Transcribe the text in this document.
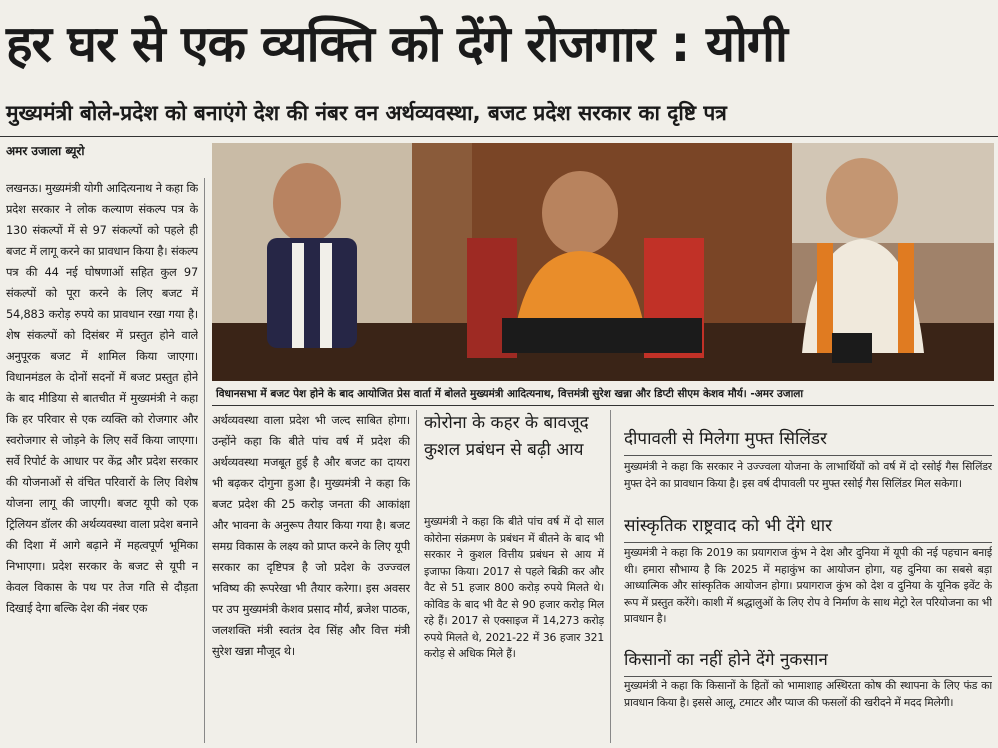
हर घर से एक व्यक्ति को देंगे रोजगार : योगी
मुख्यमंत्री बोले-प्रदेश को बनाएंगे देश की नंबर वन अर्थव्यवस्था, बजट प्रदेश सरकार का दृष्टि पत्र
अमर उजाला ब्यूरो
लखनऊ। मुख्यमंत्री योगी आदित्यनाथ ने कहा कि प्रदेश सरकार ने लोक कल्याण संकल्प पत्र के 130 संकल्पों में से 97 संकल्पों को पहले ही बजट में लागू करने का प्रावधान किया है। संकल्प पत्र की 44 नई घोषणाओं सहित कुल 97 संकल्पों को पूरा करने के लिए बजट में 54,883 करोड़ रुपये का प्रावधान रखा गया है। शेष संकल्पों को दिसंबर में प्रस्तुत होने वाले अनुपूरक बजट में शामिल किया जाएगा। विधानमंडल के दोनों सदनों में बजट प्रस्तुत होने के बाद मीडिया से बातचीत में मुख्यमंत्री ने कहा कि हर परिवार से एक व्यक्ति को रोजगार और स्वरोजगार से जोड़ने के लिए सर्वे किया जाएगा। सर्वे रिपोर्ट के आधार पर केंद्र और प्रदेश सरकार की योजनाओं से वंचित परिवारों के लिए विशेष योजना लागू की जाएगी। बजट यूपी को एक ट्रिलियन डॉलर की अर्थव्यवस्था वाला प्रदेश बनाने की दिशा में आगे बढ़ाने में महत्वपूर्ण भूमिका निभाएगा। प्रदेश सरकार के बजट से यूपी न केवल विकास के पथ पर तेज गति से दौड़ता दिखाई देगा बल्कि देश की नंबर एक
विधानसभा में बजट पेश होने के बाद आयोजित प्रेस वार्ता में बोलते मुख्यमंत्री आदित्यनाथ, वित्तमंत्री सुरेश खन्ना और डिप्टी सीएम केशव मौर्य। -अमर उजाला
अर्थव्यवस्था वाला प्रदेश भी जल्द साबित होगा। उन्होंने कहा कि बीते पांच वर्ष में प्रदेश की अर्थव्यवस्था मजबूत हुई है और बजट का दायरा भी बढ़कर दोगुना हुआ है। मुख्यमंत्री ने कहा कि बजट प्रदेश की 25 करोड़ जनता की आकांक्षा और भावना के अनुरूप तैयार किया गया है। बजट समग्र विकास के लक्ष्य को प्राप्त करने के लिए यूपी सरकार का दृष्टिपत्र है जो प्रदेश के उज्ज्वल भविष्य की रूपरेखा भी तैयार करेगा। इस अवसर पर उप मुख्यमंत्री केशव प्रसाद मौर्य, ब्रजेश पाठक, जलशक्ति मंत्री स्वतंत्र देव सिंह और वित्त मंत्री सुरेश खन्ना मौजूद थे।
कोरोना के कहर के बावजूद कुशल प्रबंधन से बढ़ी आय
मुख्यमंत्री ने कहा कि बीते पांच वर्ष में दो साल कोरोना संक्रमण के प्रबंधन में बीतने के बाद भी सरकार ने कुशल वित्तीय प्रबंधन से आय में इजाफा किया। 2017 से पहले बिक्री कर और वैट से 51 हजार 800 करोड़ रुपये मिलते थे। कोविड के बाद भी वैट से 90 हजार करोड़ मिल रहे हैं। 2017 से एक्साइज में 14,273 करोड़ रुपये मिलते थे, 2021-22 में 36 हजार 321 करोड़ से अधिक मिले हैं।
दीपावली से मिलेगा मुफ्त सिलिंडर
मुख्यमंत्री ने कहा कि सरकार ने उज्ज्वला योजना के लाभार्थियों को वर्ष में दो रसोई गैस सिलिंडर मुफ्त देने का प्रावधान किया है। इस वर्ष दीपावली पर मुफ्त रसोई गैस सिलिंडर मिल सकेगा।
सांस्कृतिक राष्ट्रवाद को भी देंगे धार
मुख्यमंत्री ने कहा कि 2019 का प्रयागराज कुंभ ने देश और दुनिया में यूपी की नई पहचान बनाई थी। हमारा सौभाग्य है कि 2025 में महाकुंभ का आयोजन होगा, यह दुनिया का सबसे बड़ा आध्यात्मिक और सांस्कृतिक आयोजन होगा। प्रयागराज कुंभ को देश व दुनिया के यूनिक इवेंट के रूप में प्रस्तुत करेंगे। काशी में श्रद्धालुओं के लिए रोप वे निर्माण के साथ मेट्रो रेल परियोजना का भी प्रावधान है।
किसानों का नहीं होने देंगे नुकसान
मुख्यमंत्री ने कहा कि किसानों के हितों को भामाशाह अस्थिरता कोष की स्थापना के लिए फंड का प्रावधान किया है। इससे आलू, टमाटर और प्याज की फसलों की खरीदने में मदद मिलेगी।
